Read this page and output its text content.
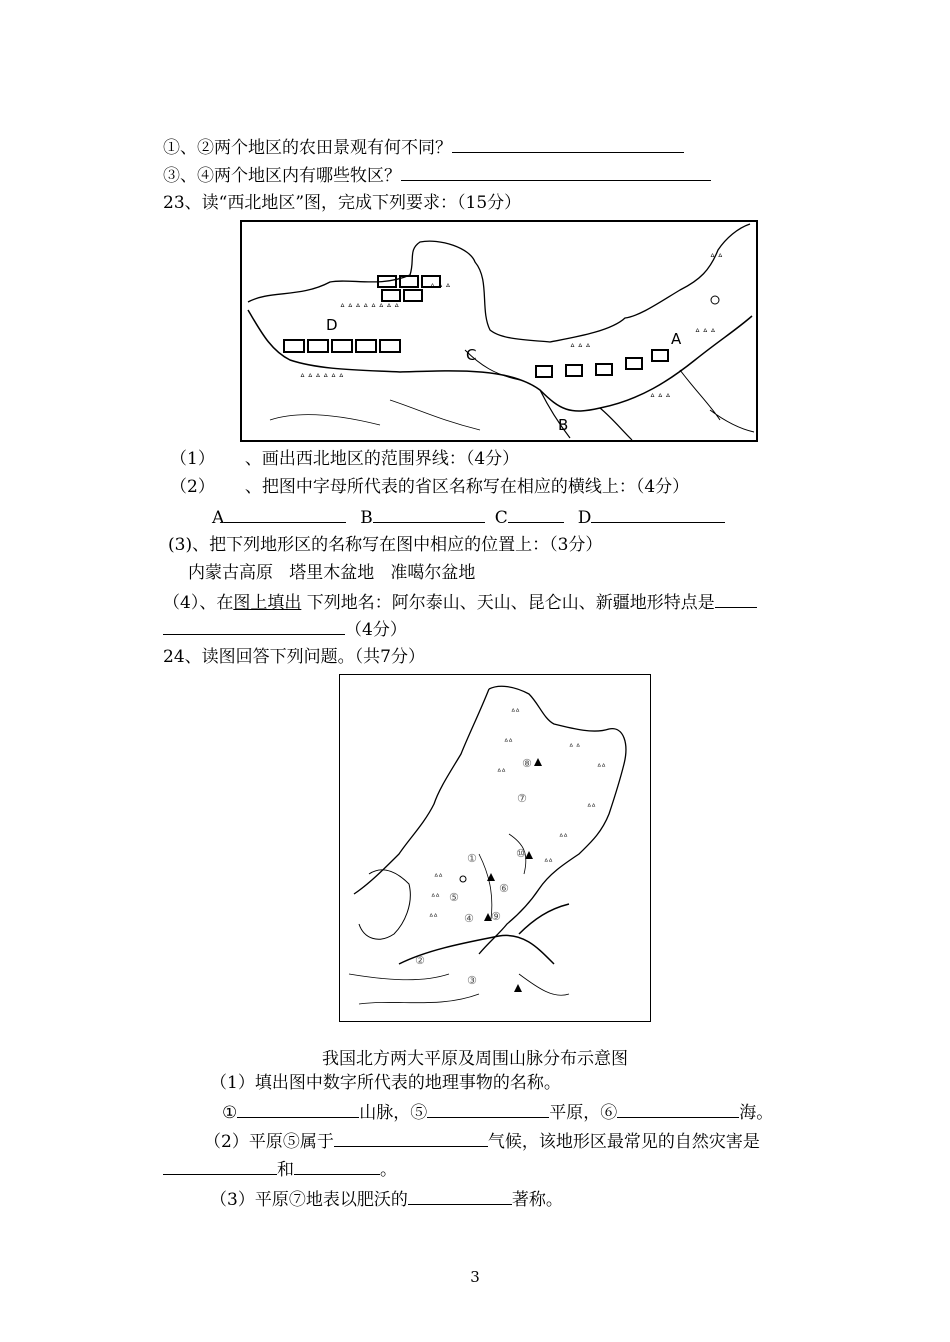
①、②两个地区的农田景观有何不同？
③、④两个地区内有哪些牧区？
23、读“西北地区”图，完成下列要求：（15分）
ᐞ ᐞ ᐞ ᐞ ᐞ ᐞ ᐞ ᐞ
ᐞ ᐞ ᐞ
ᐞ ᐞ ᐞ ᐞ ᐞ ᐞ
ᐞ ᐞ ᐞ
ᐞ ᐞ
ᐞ ᐞ ᐞ
ᐞ ᐞ ᐞ
A
B
C
D
（1） 、画出西北地区的范围界线：（4分）
（2） 、把图中字母所代表的省区名称写在相应的横线上：（4分）
A	B	C	D
(3)、把下列地形区的名称写在图中相应的位置上：（3分）
内蒙古高原   塔里木盆地   准噶尔盆地
（4）、在图上填出 下列地名：阿尔泰山、天山、昆仑山、新疆地形特点是
（4分）
24、读图回答下列问题。（共7分）
ᐞᐞ
ᐞᐞ
ᐞᐞ
ᐞ ᐞ
ᐞᐞ
ᐞᐞ
ᐞᐞ
ᐞᐞ
ᐞᐞ
ᐞᐞ
ᐞᐞ
①
②
③
④
⑤
⑥
⑦
⑧
⑨
⑩
我国北方两大平原及周围山脉分布示意图
（1）填出图中数字所代表的地理事物的名称。
①	山脉，⑤	平原，⑥	海。
（2）平原⑤属于	气候，该地形区最常见的自然灾害是
和	。
（3）平原⑦地表以肥沃的	著称。
3
